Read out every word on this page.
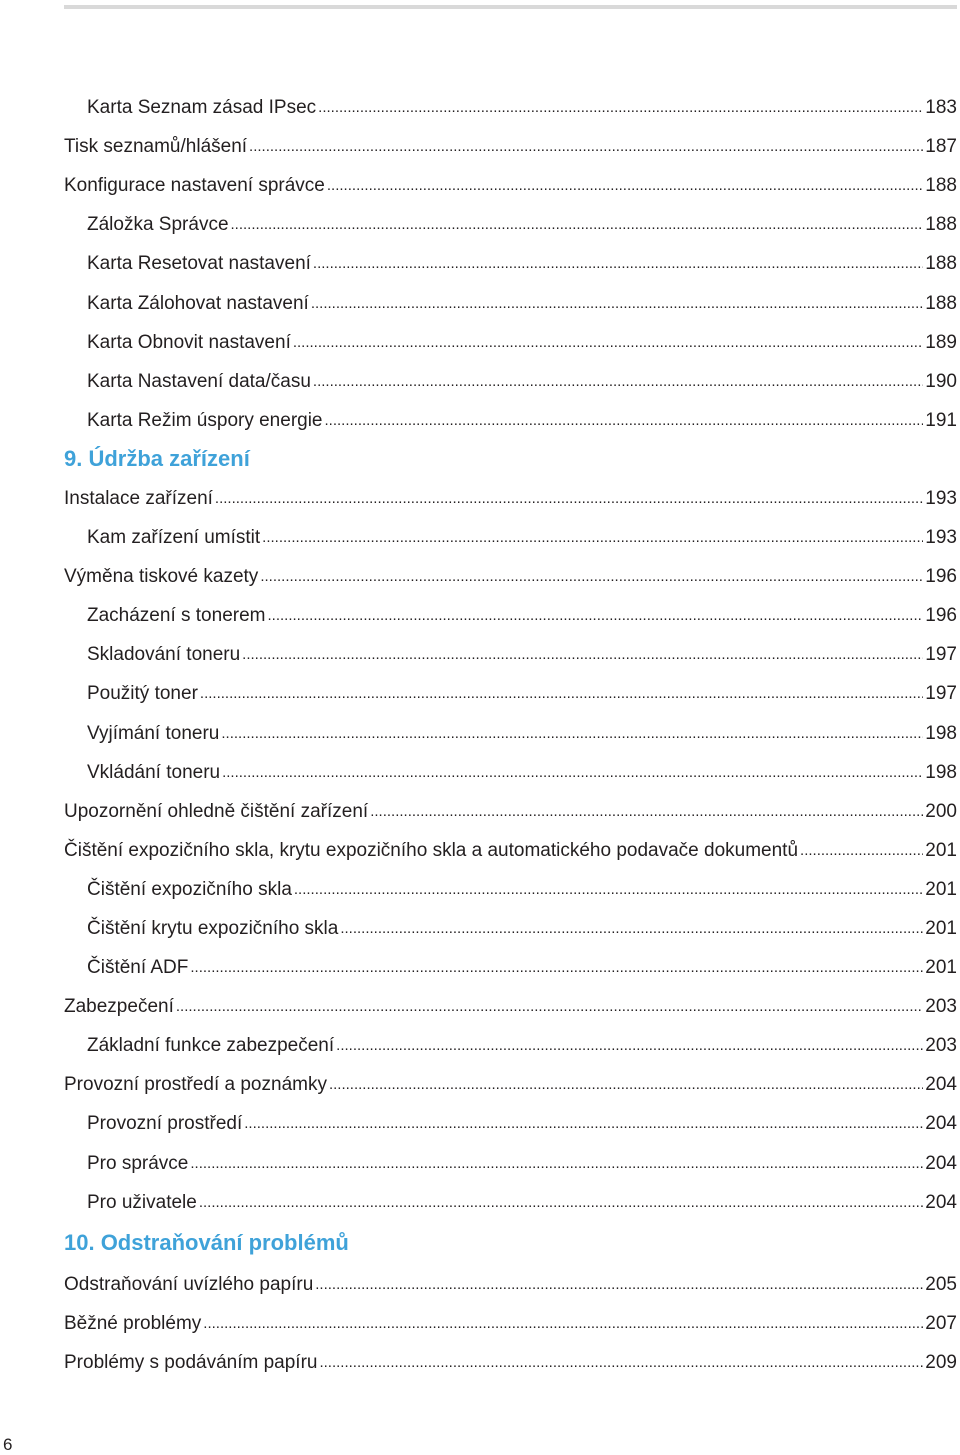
Karta Seznam zásad IPsec .....	183
Tisk seznamů/hlášení .....	187
Konfigurace nastavení správce .....	188
Záložka Správce .....	188
Karta Resetovat nastavení .....	188
Karta Zálohovat nastavení .....	188
Karta Obnovit nastavení .....	189
Karta Nastavení data/času .....	190
Karta Režim úspory energie .....	191
9. Údržba zařízení
Instalace zařízení .....	193
Kam zařízení umístit .....	193
Výměna tiskové kazety .....	196
Zacházení s tonerem .....	196
Skladování toneru .....	197
Použitý toner .....	197
Vyjímání toneru .....	198
Vkládání toneru .....	198
Upozornění ohledně čištění zařízení .....	200
Čištění expozičního skla, krytu expozičního skla a automatického podavače dokumentů .....	201
Čištění expozičního skla .....	201
Čištění krytu expozičního skla .....	201
Čištění ADF .....	201
Zabezpečení .....	203
Základní funkce zabezpečení .....	203
Provozní prostředí a poznámky .....	204
Provozní prostředí .....	204
Pro správce .....	204
Pro uživatele .....	204
10. Odstraňování problémů
Odstraňování uvízlého papíru .....	205
Běžné problémy .....	207
Problémy s podáváním papíru .....	209
6
